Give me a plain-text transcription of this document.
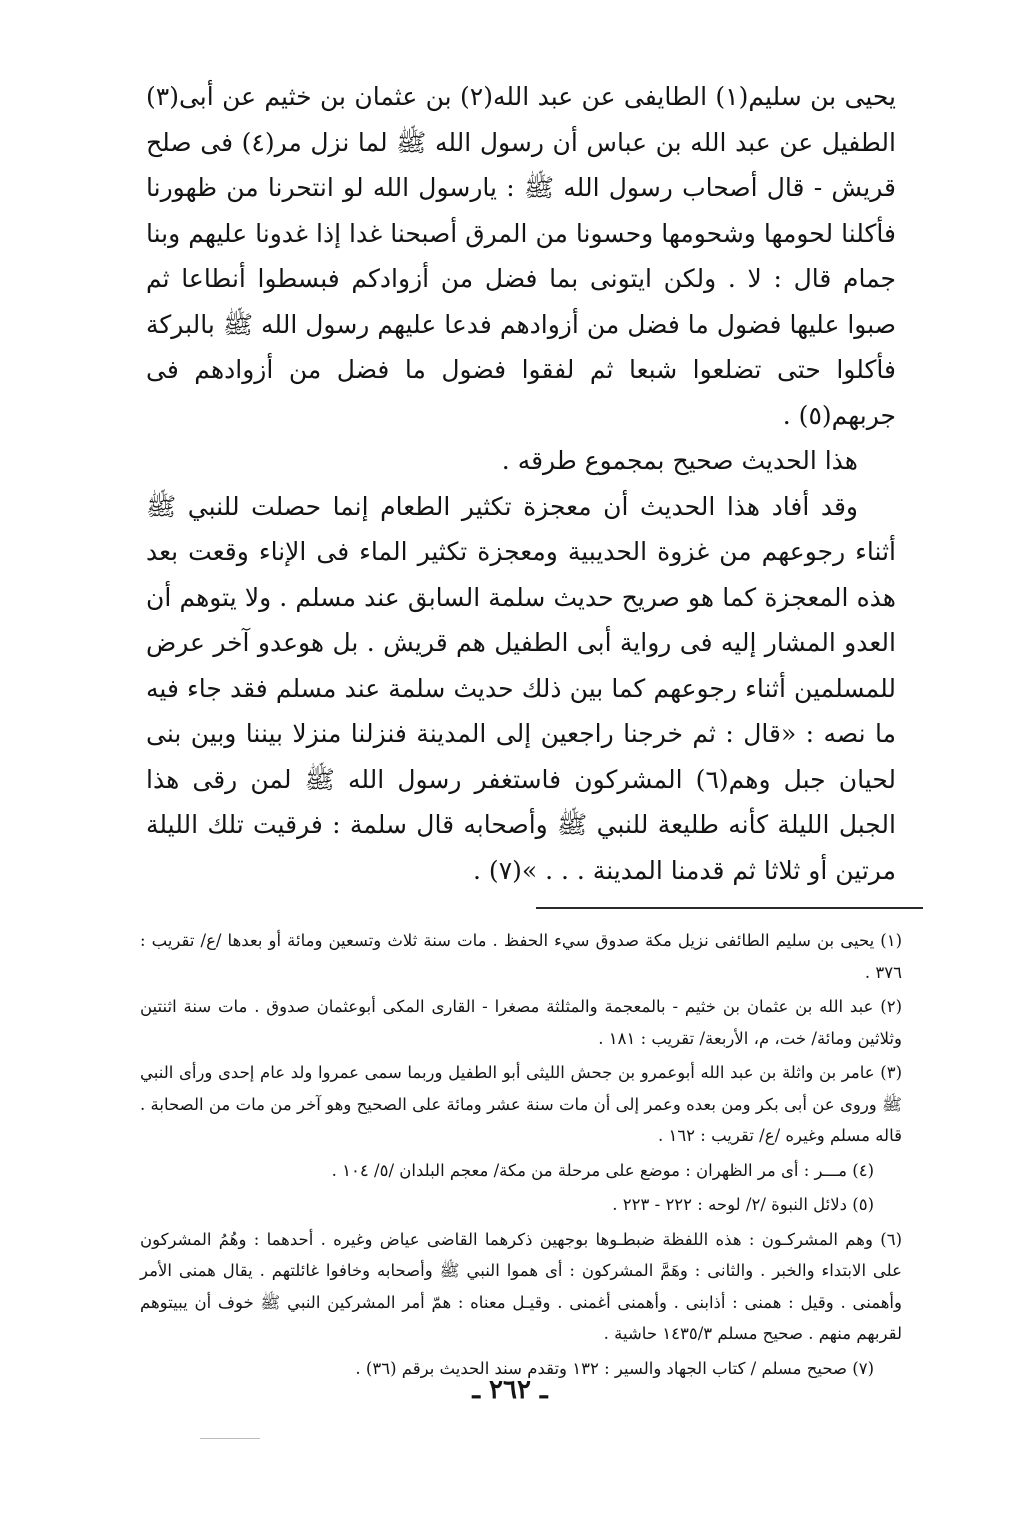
يحيى بن سليم(١) الطايفى عن عبد الله(٢) بن عثمان بن خثيم عن أبى(٣) الطفيل عن عبد الله بن عباس أن رسول الله ﷺ لما نزل مر(٤) فى صلح قريش - قال أصحاب رسول الله ﷺ : يارسول الله لو انتحرنا من ظهورنا فأكلنا لحومها وشحومها وحسونا من المرق أصبحنا غدا إذا غدونا عليهم وبنا جمام قال : لا . ولكن ايتونى بما فضل من أزوادكم فبسطوا أنطاعا ثم صبوا عليها فضول ما فضل من أزوادهم فدعا عليهم رسول الله ﷺ بالبركة فأكلوا حتى تضلعوا شبعا ثم لفقوا فضول ما فضل من أزوادهم فى جربهم(٥) .

هذا الحديث صحيح بمجموع طرقه .

وقد أفاد هذا الحديث أن معجزة تكثير الطعام إنما حصلت للنبي ﷺ أثناء رجوعهم من غزوة الحديبية ومعجزة تكثير الماء فى الإناء وقعت بعد هذه المعجزة كما هو صريح حديث سلمة السابق عند مسلم . ولا يتوهم أن العدو المشار إليه فى رواية أبى الطفيل هم قريش . بل هوعدو آخر عرض للمسلمين أثناء رجوعهم كما بين ذلك حديث سلمة عند مسلم فقد جاء فيه ما نصه : «قال : ثم خرجنا راجعين إلى المدينة فنزلنا منزلا بيننا وبين بنى لحيان جبل وهم(٦) المشركون فاستغفر رسول الله ﷺ لمن رقى هذا الجبل الليلة كأنه طليعة للنبي ﷺ وأصحابه قال سلمة : فرقيت تلك الليلة مرتين أو ثلاثا ثم قدمنا المدينة . . . »(٧) .

(١) يحيى بن سليم الطائفى نزيل مكة صدوق سيء الحفظ . مات سنة ثلاث وتسعين ومائة أو بعدها /ع/ تقريب : ٣٧٦ .

(٢) عبد الله بن عثمان بن خثيم - بالمعجمة والمثلثة مصغرا - القارى المكى أبوعثمان صدوق . مات سنة اثنتين وثلاثين ومائة/ خت، م، الأربعة/ تقريب : ١٨١ .

(٣) عامر بن واثلة بن عبد الله أبوعمرو بن جحش الليثى أبو الطفيل وربما سمى عمروا ولد عام إحدى ورأى النبي ﷺ وروى عن أبى بكر ومن بعده وعمر إلى أن مات سنة عشر ومائة على الصحيح وهو آخر من مات من الصحابة . قاله مسلم وغيره /ع/ تقريب : ١٦٢ .

(٤) مـــر : أى مر الظهران : موضع على مرحلة من مكة/ معجم البلدان /٥/ ١٠٤ .

(٥) دلائل النبوة /٢/ لوحه : ٢٢٢ - ٢٢٣ .

(٦) وهم المشركـون : هذه اللفظة ضبطـوها بوجهين ذكرهما القاضى عياض وغيره . أحدهما : وهُمُ المشركون على الابتداء والخبر . والثانى : وهَمَّ المشركون : أى هموا النبي ﷺ وأصحابه وخافوا غائلتهم . يقال همنى الأمر وأهمنى . وقيل : همنى : أذابنى . وأهمنى أغمنى . وقيـل معناه : همّ أمر المشركين النبي ﷺ خوف أن يبيتوهم لقربهم منهم . صحيح مسلم ١٤٣٥/٣ حاشية .

(٧) صحيح مسلم / كتاب الجهاد والسير : ١٣٢ وتقدم سند الحديث برقم (٣٦) .

ـ ٢٦٢ ـ
